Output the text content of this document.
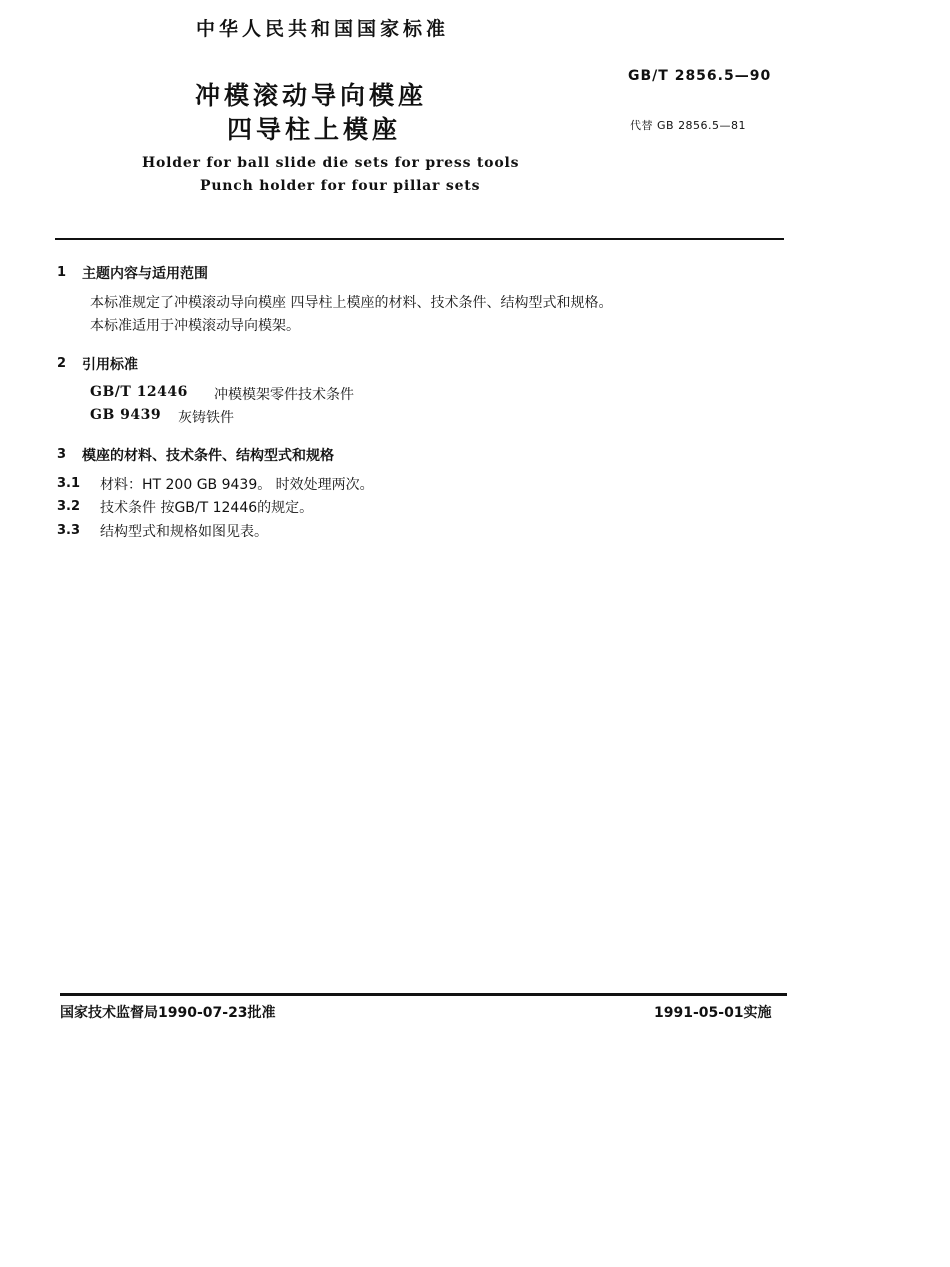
中华人民共和国国家标准
冲模滚动导向模座
四导柱上模座
GB/T 2856.5—90
代替 GB 2856.5—81
Holder for ball slide die sets for press tools
Punch holder for four pillar sets
1 主题内容与适用范围
本标准规定了冲模滚动导向模座 四导柱上模座的材料、技术条件、结构型式和规格。
本标准适用于冲模滚动导向模架。
2 引用标准
GB/T 12446 冲模模架零件技术条件
GB 9439 灰铸铁件
3 模座的材料、技术条件、结构型式和规格
3.1 材料：HT 200 GB 9439。 时效处理两次。
3.2 技术条件 按GB/T 12446的规定。
3.3 结构型式和规格如图见表。
国家技术监督局1990-07-23批准	1991-05-01实施
